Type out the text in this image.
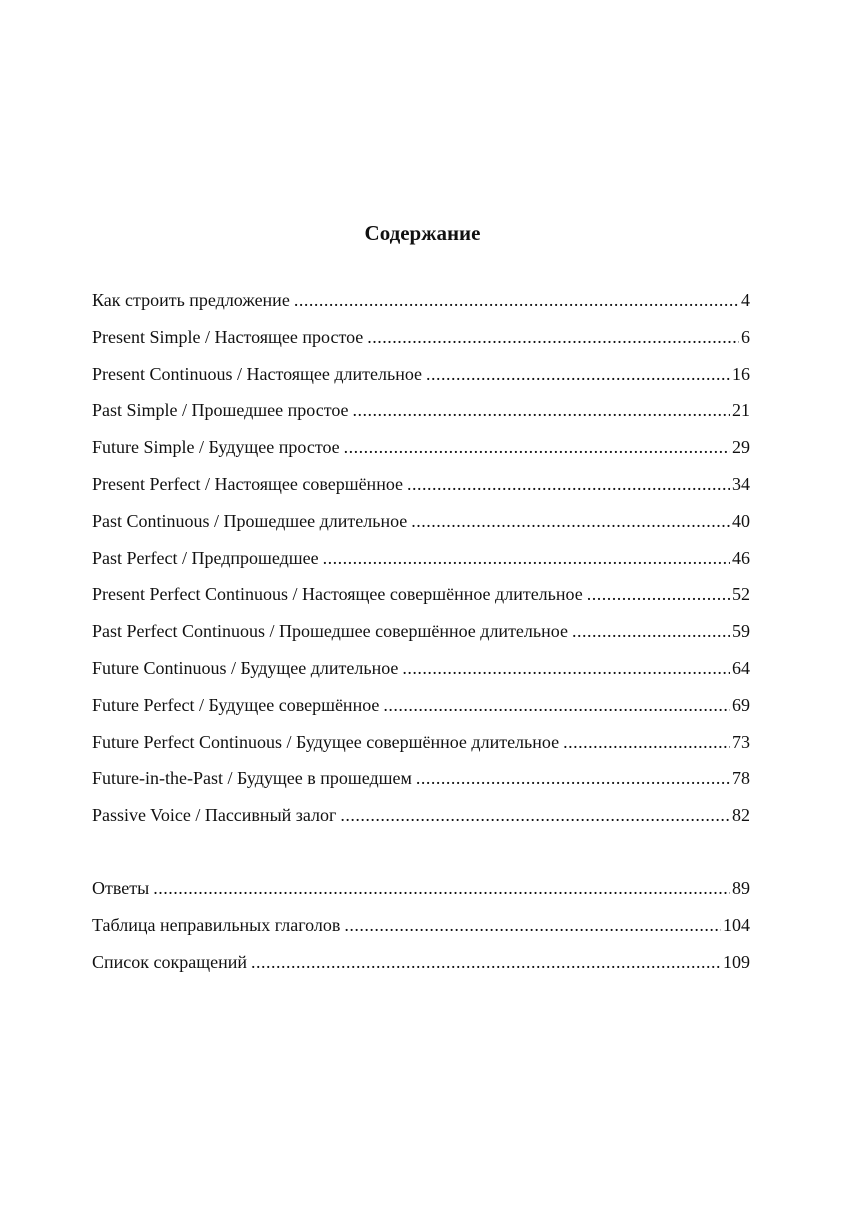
Содержание
Как строить предложение .....	4
Present Simple / Настоящее простое .....	6
Present Continuous / Настоящее длительное .....	16
Past Simple / Прошедшее простое .....	21
Future Simple / Будущее простое .....	29
Present Perfect / Настоящее совершённое .....	34
Past Continuous / Прошедшее длительное .....	40
Past Perfect / Предпрошедшее .....	46
Present Perfect Continuous / Настоящее совершённое длительное .....	52
Past Perfect Continuous / Прошедшее совершённое длительное .....	59
Future Continuous / Будущее длительное .....	64
Future Perfect / Будущее совершённое .....	69
Future Perfect Continuous / Будущее совершённое длительное .....	73
Future-in-the-Past / Будущее в прошедшем .....	78
Passive Voice / Пассивный залог .....	82
Ответы .....	89
Таблица неправильных глаголов .....	104
Список сокращений .....	109
